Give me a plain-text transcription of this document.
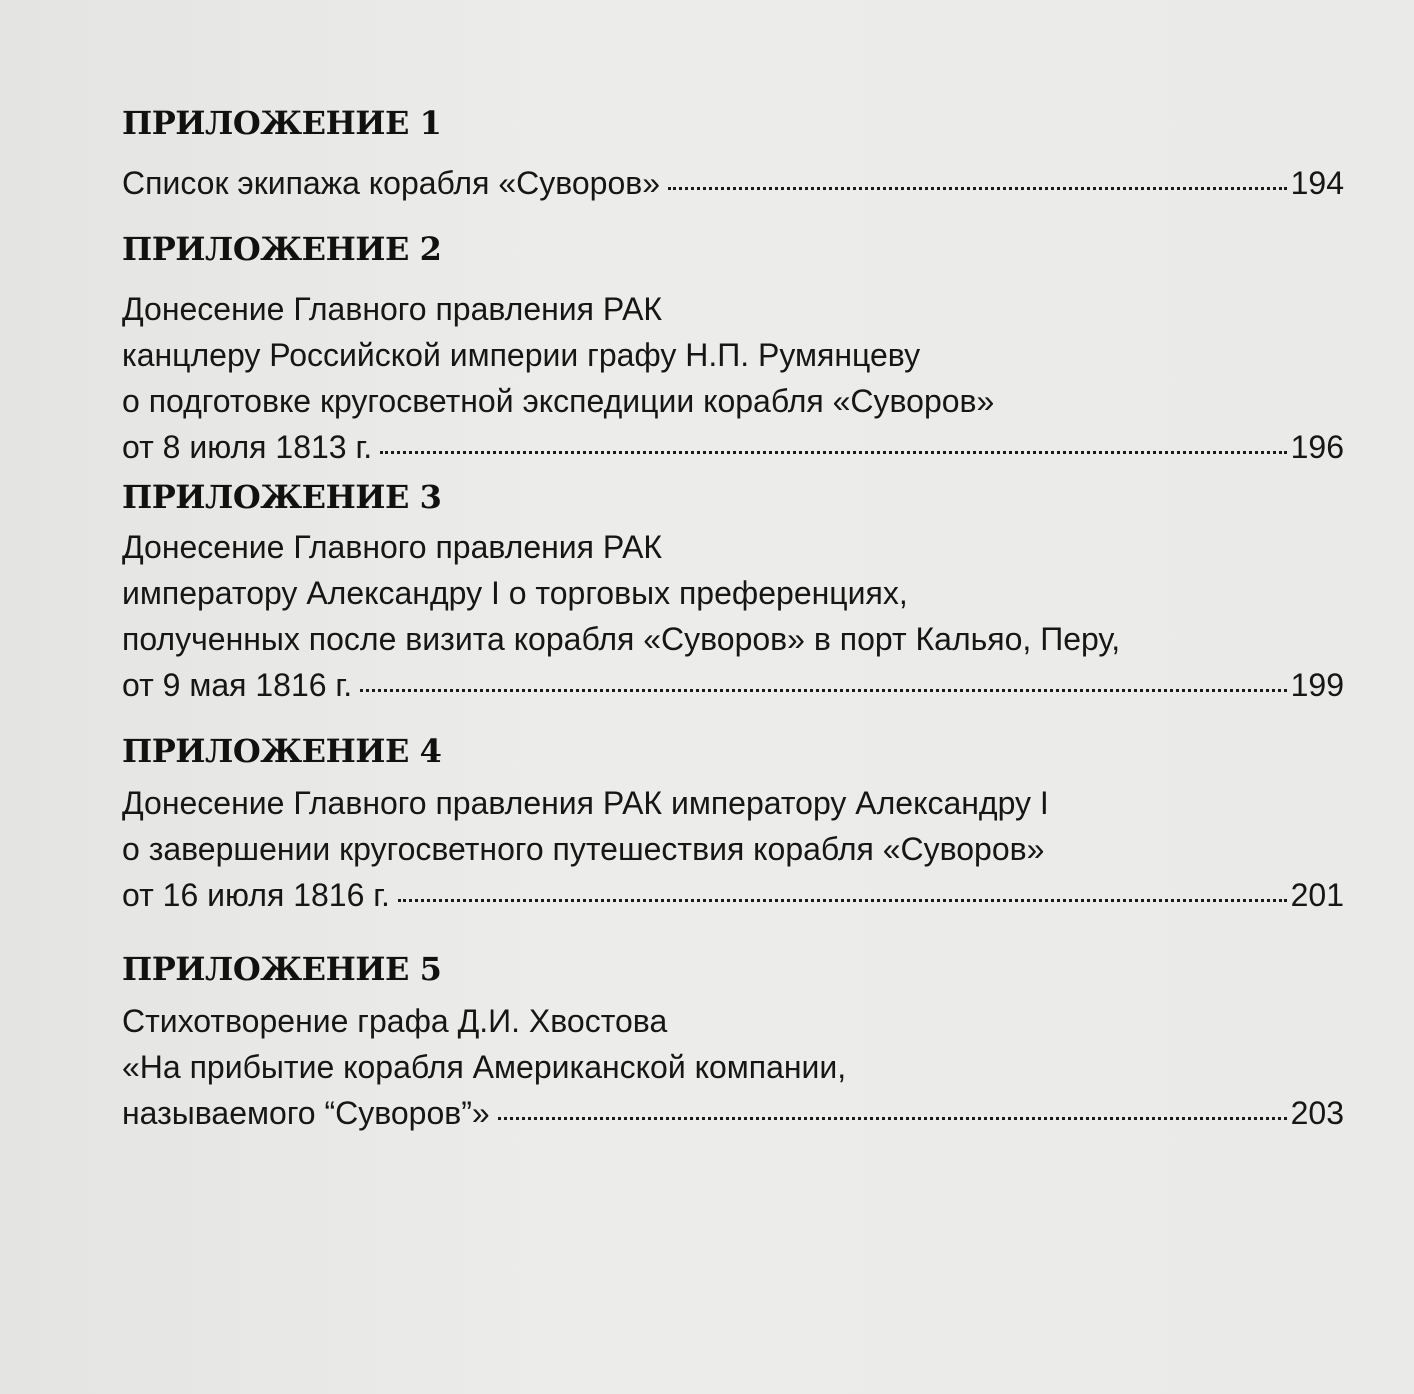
ПРИЛОЖЕНИЕ 1
Список экипажа корабля «Суворов»	194
ПРИЛОЖЕНИЕ 2
Донесение Главного правления РАК
канцлеру Российской империи графу Н.П. Румянцеву
о подготовке кругосветной экспедиции корабля «Суворов»
от 8 июля 1813 г.	196
ПРИЛОЖЕНИЕ 3
Донесение Главного правления РАК
императору Александру I о торговых преференциях,
полученных после визита корабля «Суворов» в порт Кальяо, Перу,
от 9 мая 1816 г.	199
ПРИЛОЖЕНИЕ 4
Донесение Главного правления РАК императору Александру I
о завершении кругосветного путешествия корабля «Суворов»
от 16 июля 1816 г.	201
ПРИЛОЖЕНИЕ 5
Стихотворение графа Д.И. Хвостова
«На прибытие корабля Американской компании,
называемого “Суворов”»	203
